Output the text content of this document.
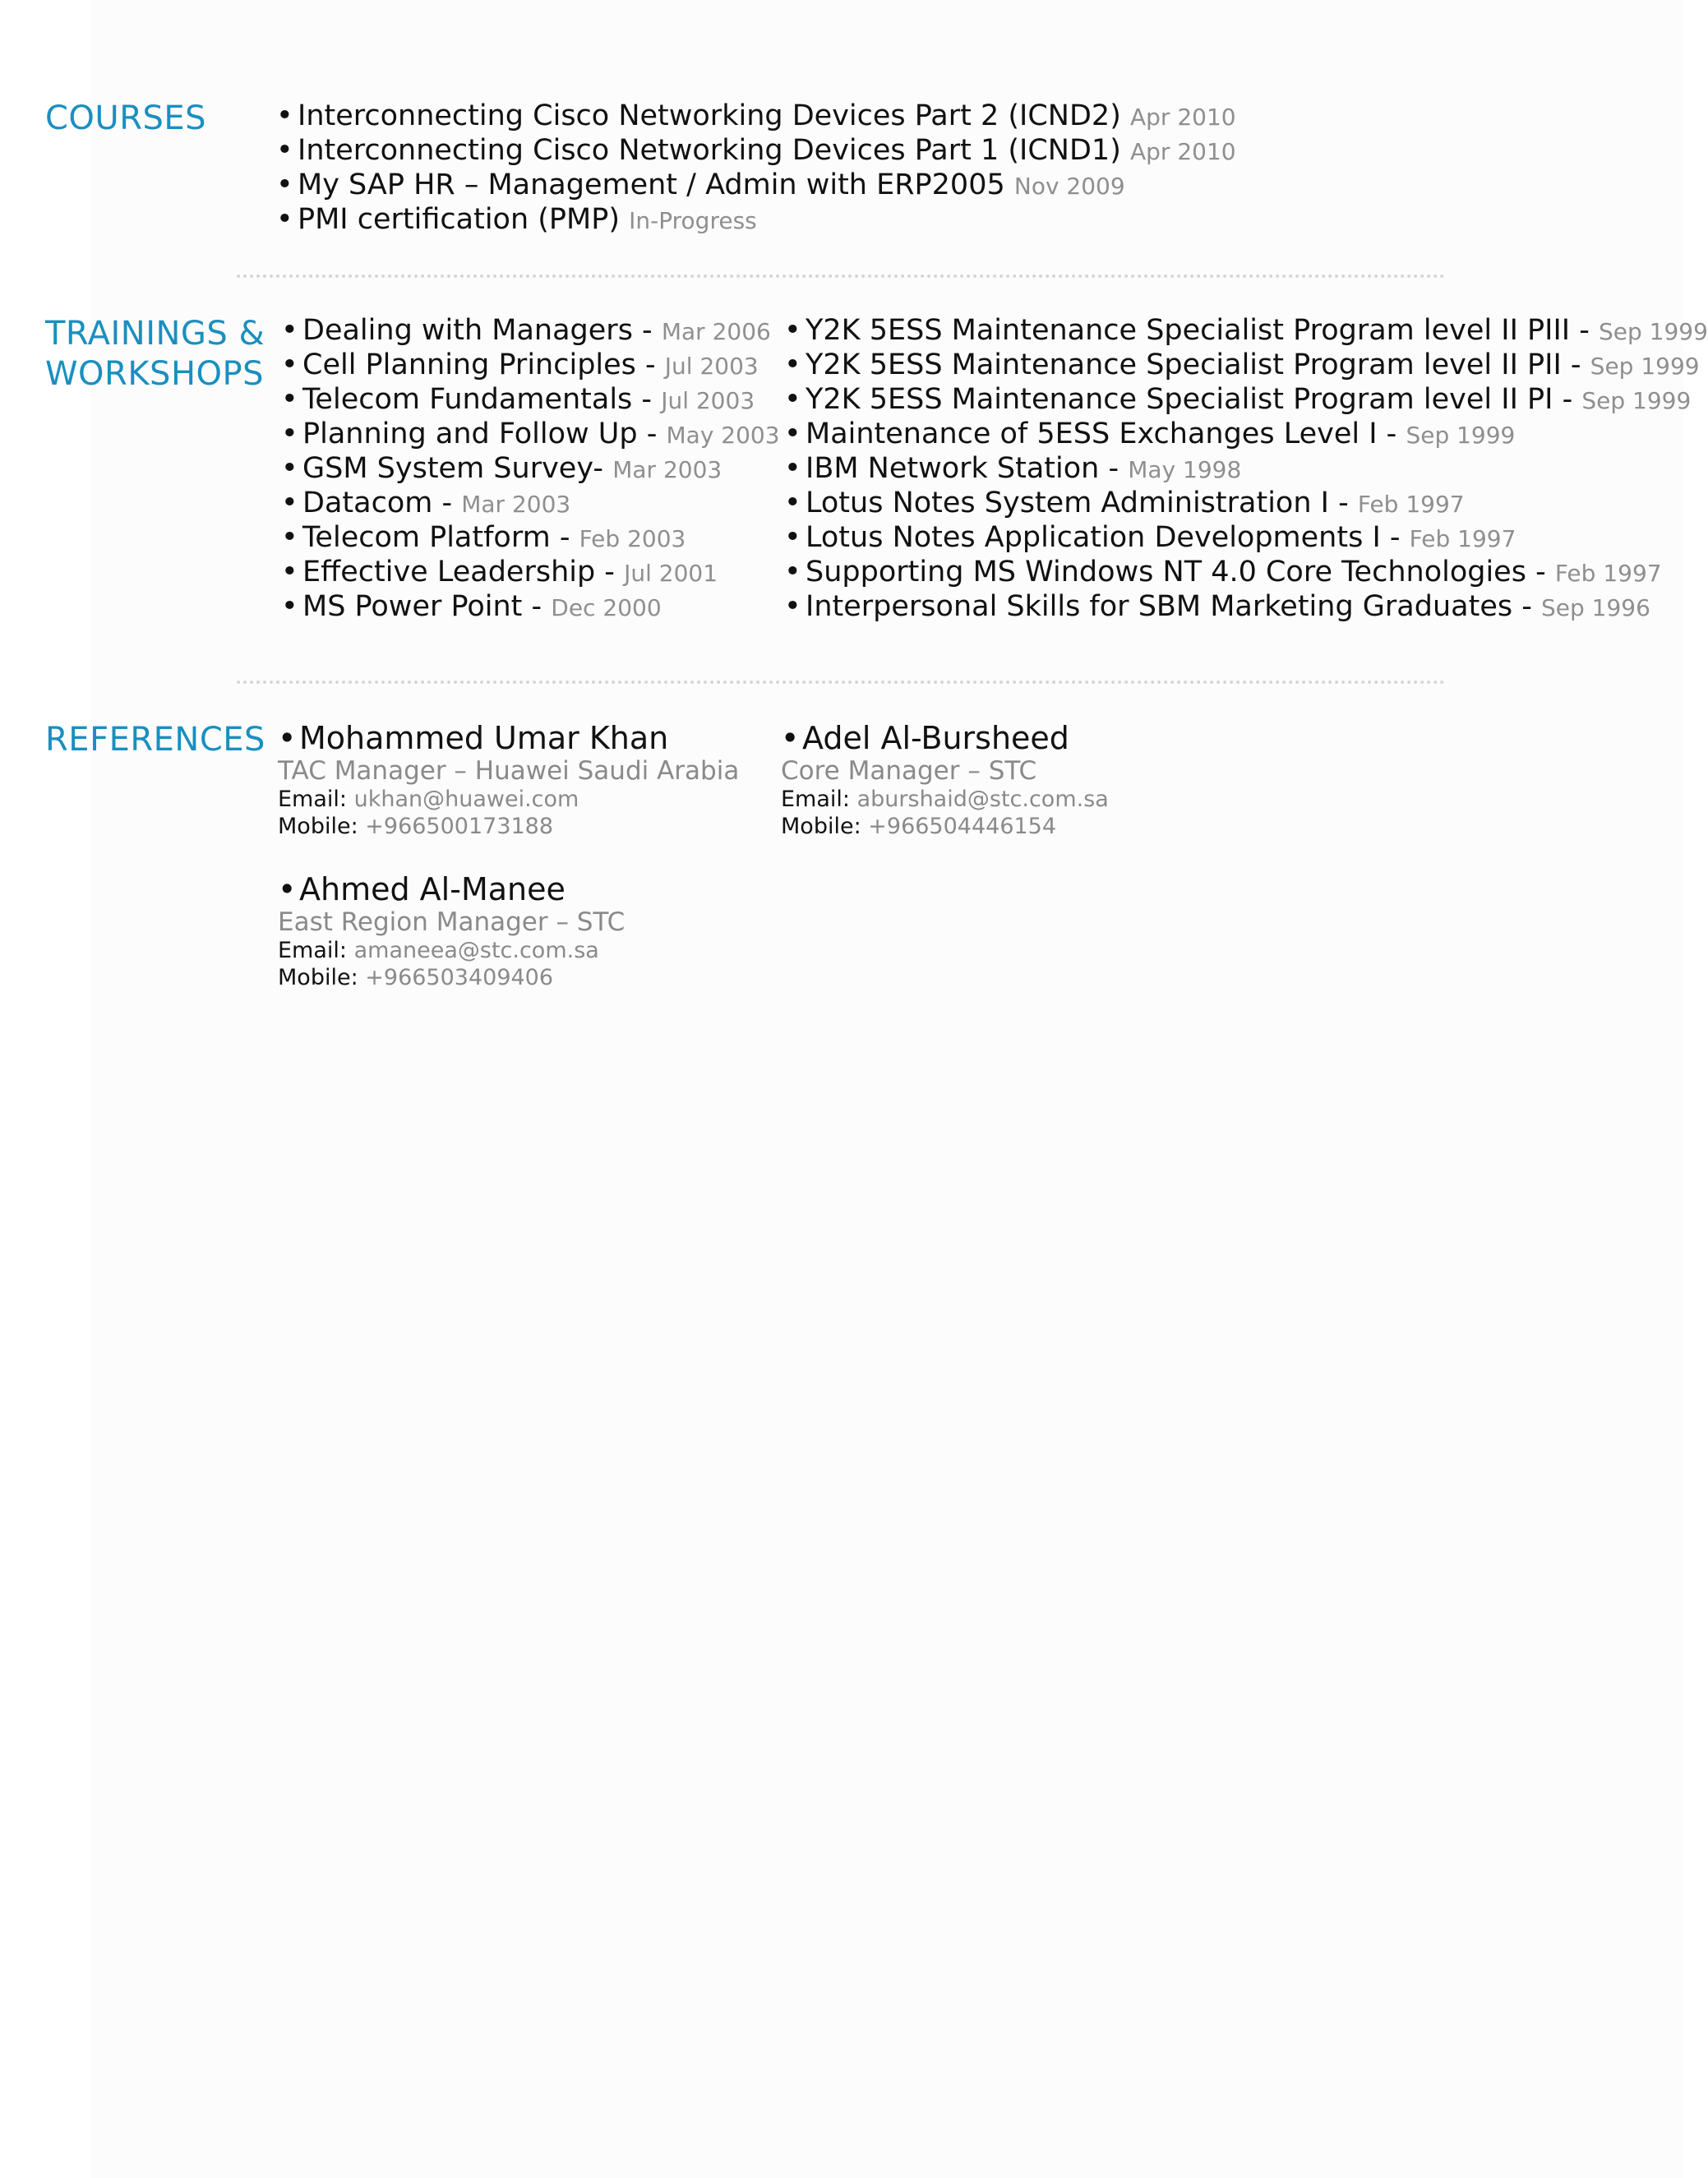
COURSES • Interconnecting Cisco Networking Devices Part 2 (ICND2) Apr 2010
• Interconnecting Cisco Networking Devices Part 1 (ICND1) Apr 2010
• My SAP HR – Management / Admin with ERP2005 Nov 2009
• PMI certification (PMP) In-Progress
TRAININGS &
WORKSHOPS
• Dealing with Managers - Mar 2006
• Cell Planning Principles - Jul 2003
• Telecom Fundamentals - Jul 2003
• Planning and Follow Up - May 2003
• GSM System Survey- Mar 2003
• Datacom - Mar 2003
• Telecom Platform - Feb 2003
• Effective Leadership - Jul 2001
• MS Power Point - Dec 2000
• Y2K 5ESS Maintenance Specialist Program level II PIII - Sep 1999
• Y2K 5ESS Maintenance Specialist Program level II PII - Sep 1999
• Y2K 5ESS Maintenance Specialist Program level II PI - Sep 1999
• Maintenance of 5ESS Exchanges Level I - Sep 1999
• IBM Network Station - May 1998
• Lotus Notes System Administration I - Feb 1997
• Lotus Notes Application Developments I - Feb 1997
• Supporting MS Windows NT 4.0 Core Technologies - Feb 1997
• Interpersonal Skills for SBM Marketing Graduates - Sep 1996
REFERENCES •Mohammed Umar Khan
TAC Manager – Huawei Saudi Arabia
Email: ukhan@huawei.com
Mobile: +966500173188
•Adel Al-Bursheed
Core Manager – STC
Email: aburshaid@stc.com.sa
Mobile: +966504446154
•Ahmed Al-Manee
East Region Manager – STC
Email: amaneea@stc.com.sa
Mobile: +966503409406
